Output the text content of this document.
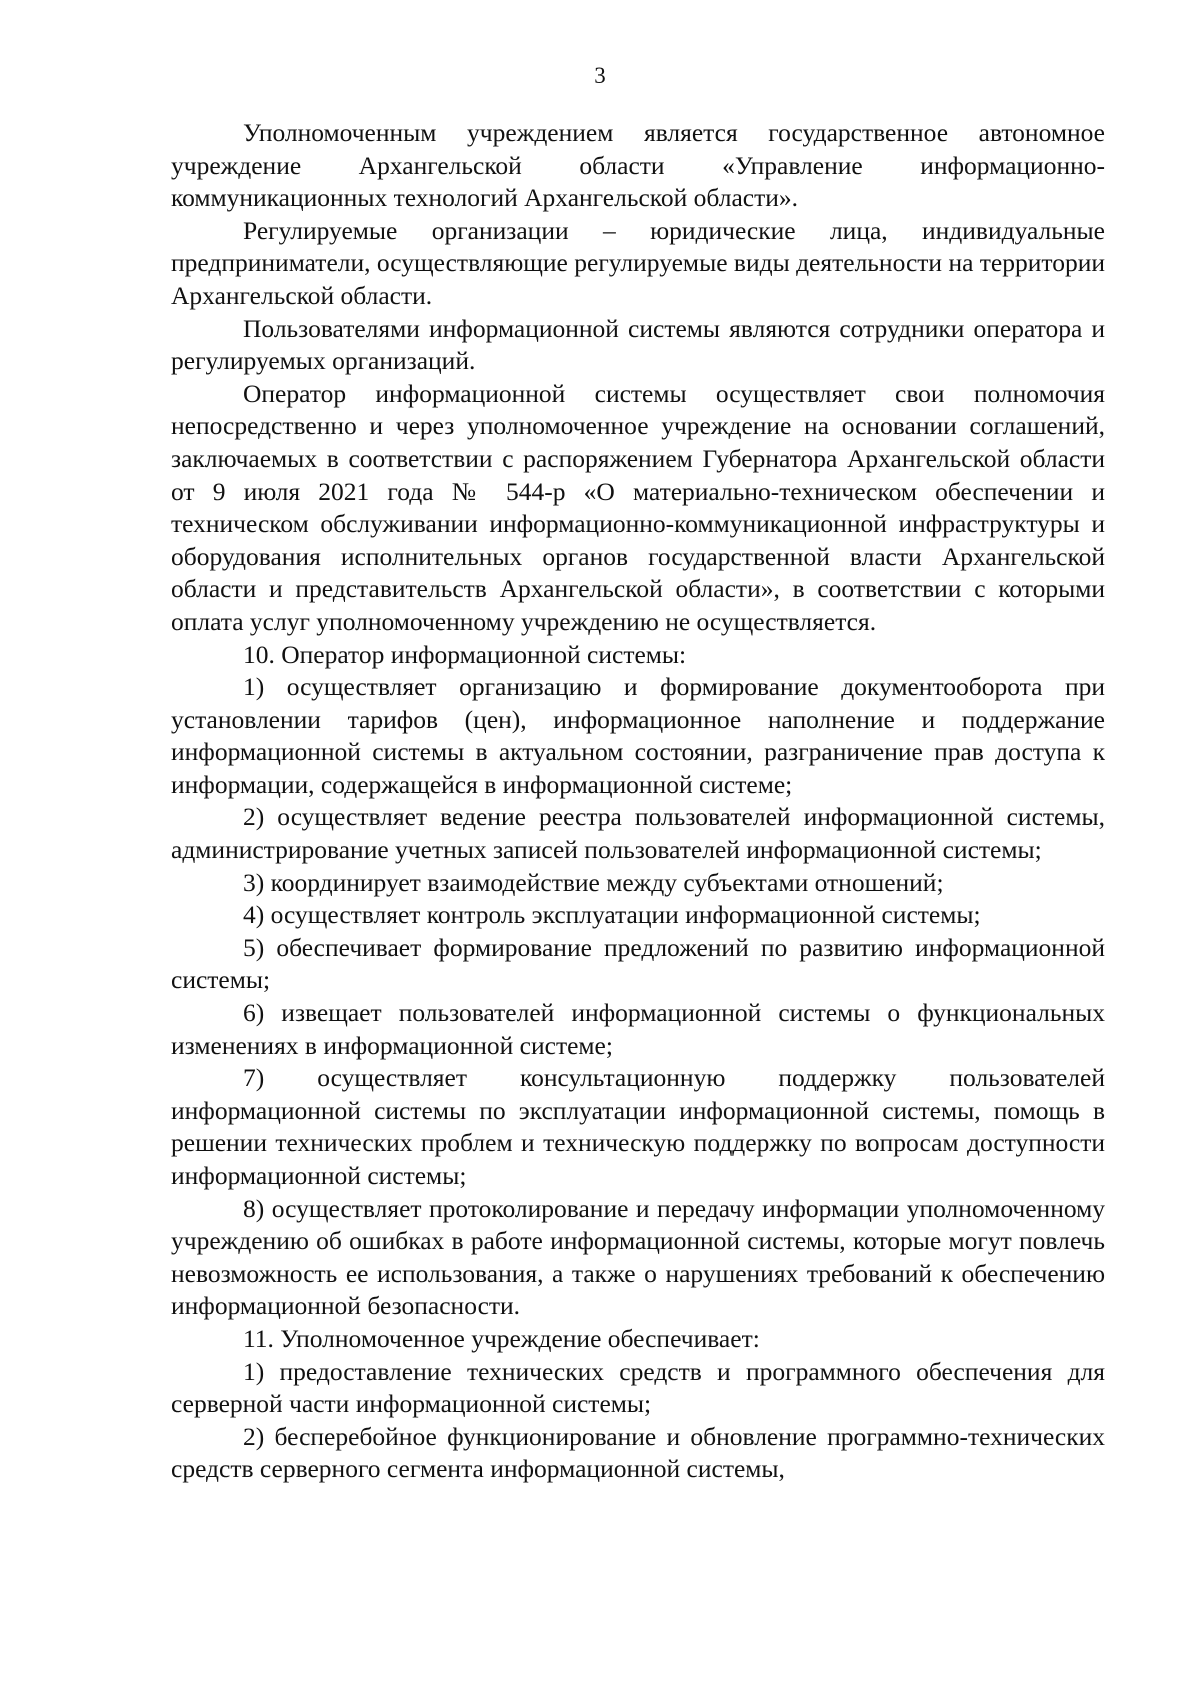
3

Уполномоченным учреждением является государственное автономное учреждение Архангельской области «Управление информационно-коммуникационных технологий Архангельской области».

Регулируемые организации – юридические лица, индивидуальные предприниматели, осуществляющие регулируемые виды деятельности на территории Архангельской области.

Пользователями информационной системы являются сотрудники оператора и регулируемых организаций.

Оператор информационной системы осуществляет свои полномочия непосредственно и через уполномоченное учреждение на основании соглашений, заключаемых в соответствии с распоряжением Губернатора Архангельской области от 9 июля 2021 года № 544-р «О материально-техническом обеспечении и техническом обслуживании информационно-коммуникационной инфраструктуры и оборудования исполнительных органов государственной власти Архангельской области и представительств Архангельской области», в соответствии с которыми оплата услуг уполномоченному учреждению не осуществляется.

10. Оператор информационной системы:

1) осуществляет организацию и формирование документооборота при установлении тарифов (цен), информационное наполнение и поддержание информационной системы в актуальном состоянии, разграничение прав доступа к информации, содержащейся в информационной системе;

2) осуществляет ведение реестра пользователей информационной системы, администрирование учетных записей пользователей информационной системы;

3) координирует взаимодействие между субъектами отношений;

4) осуществляет контроль эксплуатации информационной системы;

5) обеспечивает формирование предложений по развитию информационной системы;

6) извещает пользователей информационной системы о функциональных изменениях в информационной системе;

7) осуществляет консультационную поддержку пользователей информационной системы по эксплуатации информационной системы, помощь в решении технических проблем и техническую поддержку по вопросам доступности информационной системы;

8) осуществляет протоколирование и передачу информации уполномоченному учреждению об ошибках в работе информационной системы, которые могут повлечь невозможность ее использования, а также о нарушениях требований к обеспечению информационной безопасности.

11. Уполномоченное учреждение обеспечивает:

1) предоставление технических средств и программного обеспечения для серверной части информационной системы;

2) бесперебойное функционирование и обновление программно-технических средств серверного сегмента информационной системы,
